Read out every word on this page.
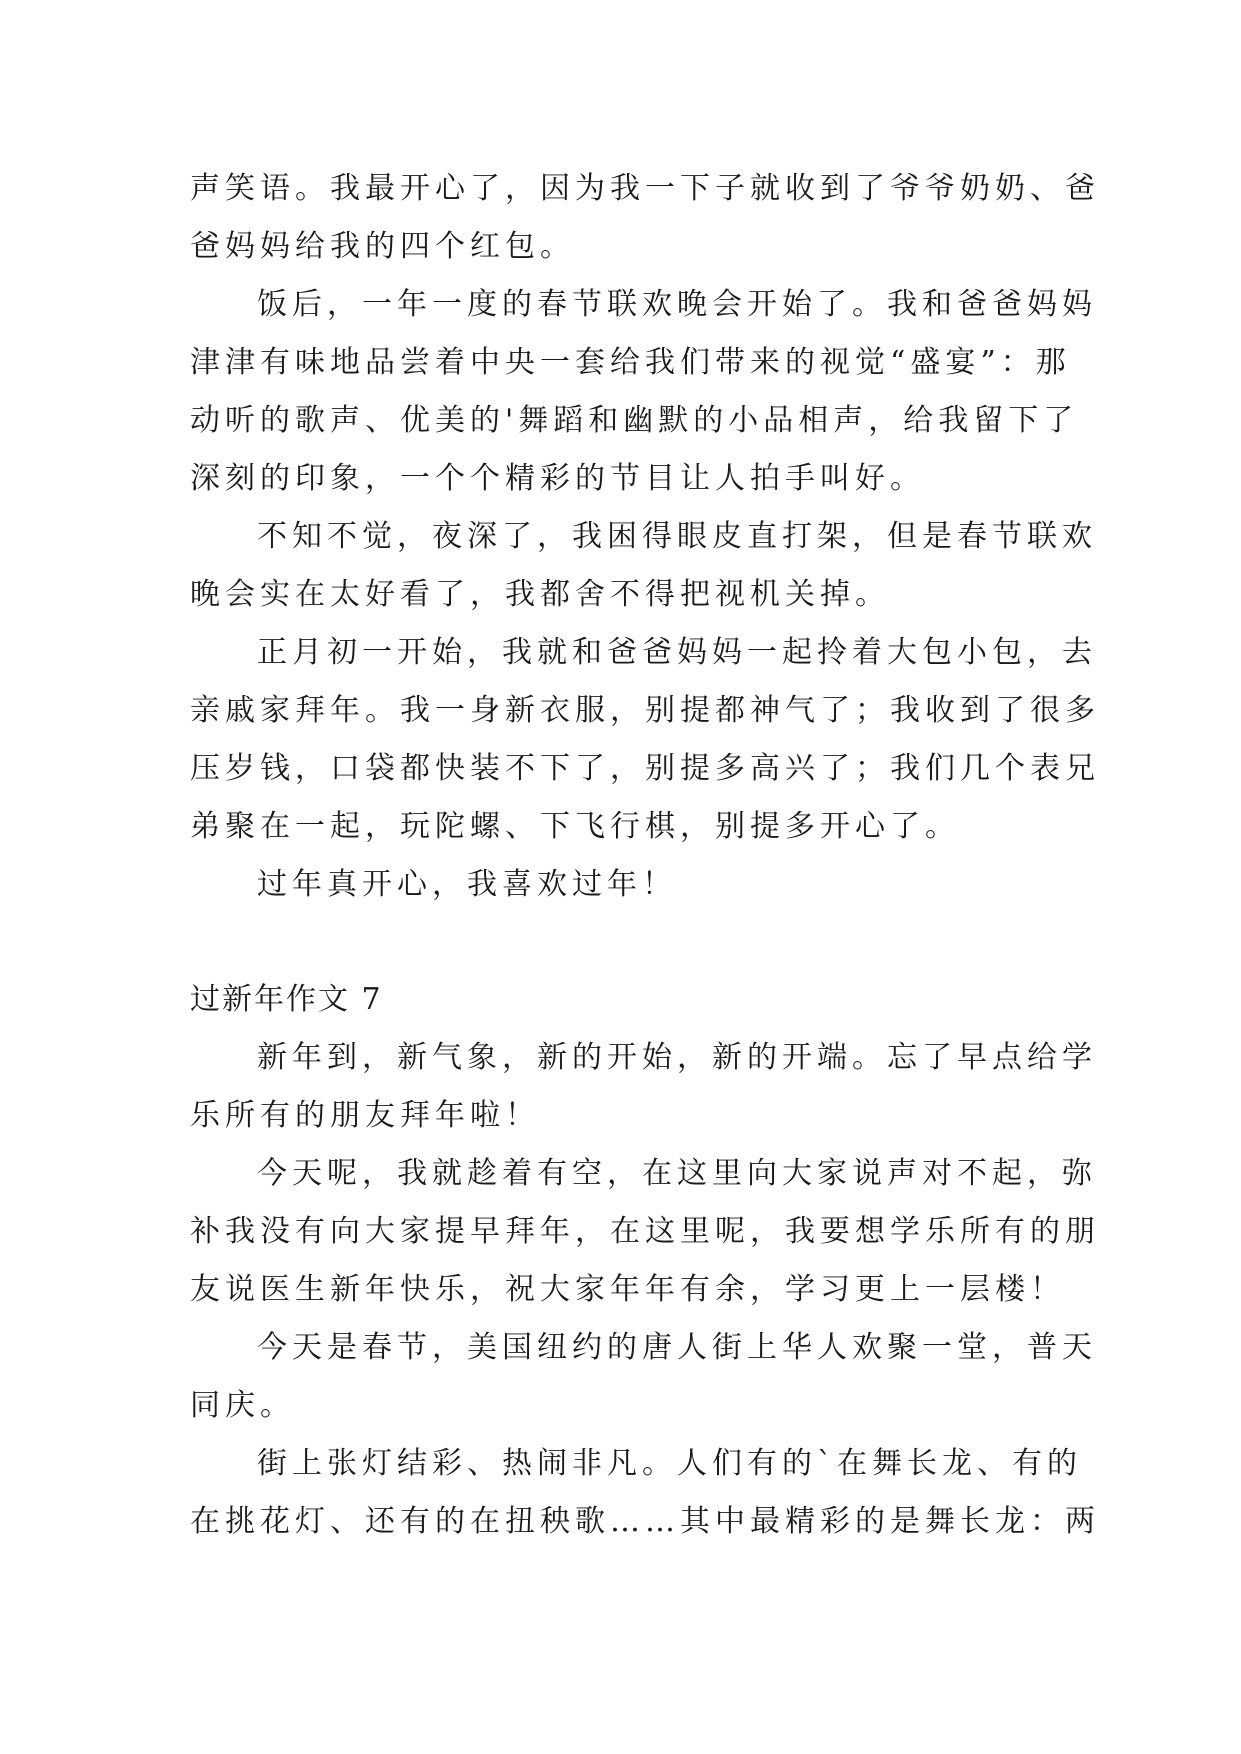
声笑语。我最开心了，因为我一下子就收到了爷爷奶奶、爸
爸妈妈给我的四个红包。
饭后，一年一度的春节联欢晚会开始了。我和爸爸妈妈
津津有味地品尝着中央一套给我们带来的视觉“盛宴”：那
动听的歌声、优美的'舞蹈和幽默的小品相声，给我留下了
深刻的印象，一个个精彩的节目让人拍手叫好。
不知不觉，夜深了，我困得眼皮直打架，但是春节联欢
晚会实在太好看了，我都舍不得把视机关掉。
正月初一开始，我就和爸爸妈妈一起拎着大包小包，去
亲戚家拜年。我一身新衣服，别提都神气了；我收到了很多
压岁钱，口袋都快装不下了，别提多高兴了；我们几个表兄
弟聚在一起，玩陀螺、下飞行棋，别提多开心了。
过年真开心，我喜欢过年！
过新年作文 7
新年到，新气象，新的开始，新的开端。忘了早点给学
乐所有的朋友拜年啦！
今天呢，我就趁着有空，在这里向大家说声对不起，弥
补我没有向大家提早拜年，在这里呢，我要想学乐所有的朋
友说医生新年快乐，祝大家年年有余，学习更上一层楼！
今天是春节，美国纽约的唐人街上华人欢聚一堂，普天
同庆。
街上张灯结彩、热闹非凡。人们有的`在舞长龙、有的
在挑花灯、还有的在扭秧歌……其中最精彩的是舞长龙：两
